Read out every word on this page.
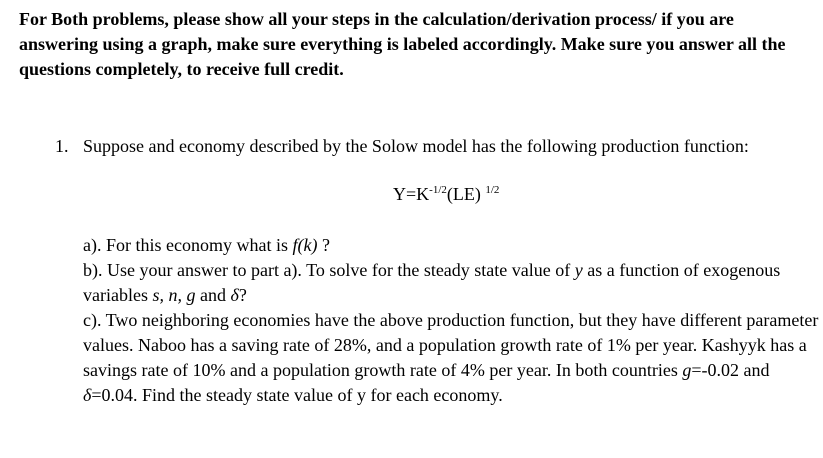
For Both problems, please show all your steps in the calculation/derivation process/ if you are answering using a graph, make sure everything is labeled accordingly. Make sure you answer all the questions completely, to receive full credit.
1. Suppose and economy described by the Solow model has the following production function:
$Y=K^{-1/2}(LE)$ $^{1/2}$

a). For this economy what is f(k) ?

b). Use your answer to part a). To solve for the steady state value of y as a function of exogenous variables s, n, g and δ?

c). Two neighboring economies have the above production function, but they have different parameter values. Naboo has a saving rate of 28%, and a population growth rate of 1% per year. Kashyyk has a savings rate of 10% and a population growth rate of 4% per year. In both countries g=-0.02 and δ=0.04. Find the steady state value of y for each economy.
